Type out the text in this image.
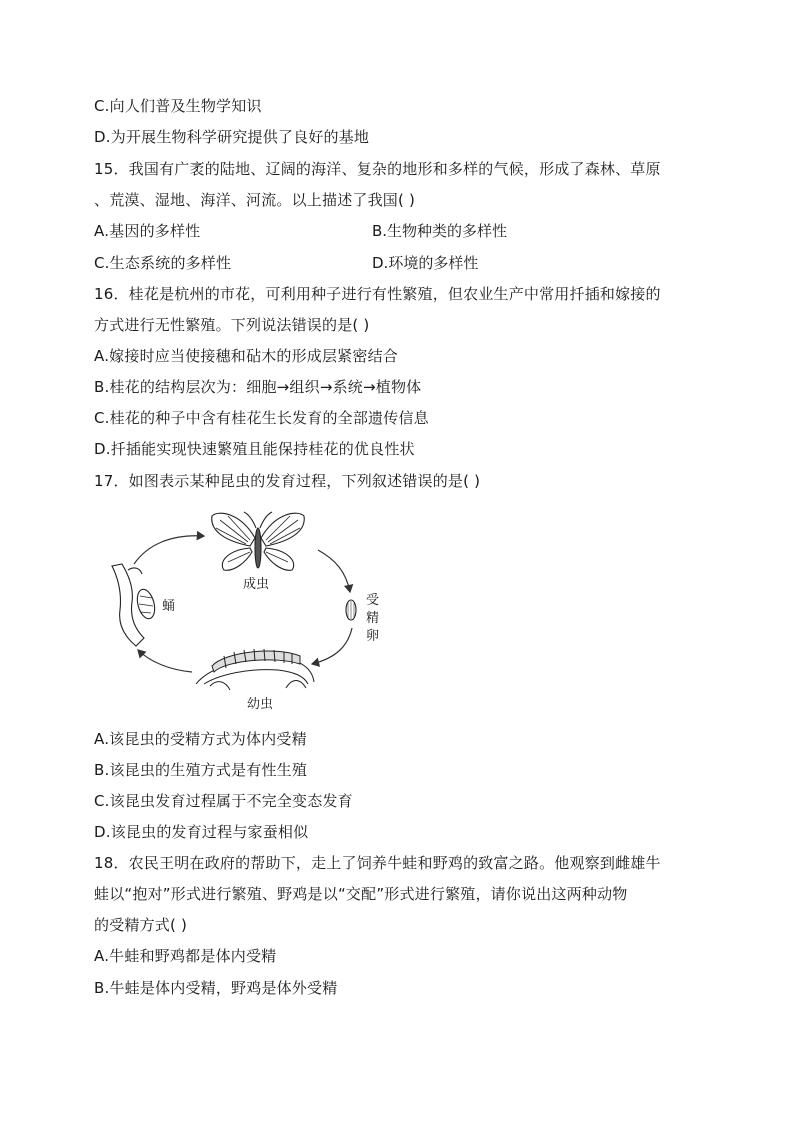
C.向人们普及生物学知识
D.为开展生物科学研究提供了良好的基地
15．我国有广袤的陆地、辽阔的海洋、复杂的地形和多样的气候，形成了森林、草原
、荒漠、湿地、海洋、河流。以上描述了我国( )
A.基因的多样性	B.生物种类的多样性
C.生态系统的多样性	D.环境的多样性
16．桂花是杭州的市花，可利用种子进行有性繁殖，但农业生产中常用扦插和嫁接的
方式进行无性繁殖。下列说法错误的是( )
A.嫁接时应当使接穗和砧木的形成层紧密结合
B.桂花的结构层次为：细胞→组织→系统→植物体
C.桂花的种子中含有桂花生长发育的全部遗传信息
D.扦插能实现快速繁殖且能保持桂花的优良性状
17．如图表示某种昆虫的发育过程，下列叙述错误的是( )
成虫
受
精
卵
幼虫
蛹
A.该昆虫的受精方式为体内受精
B.该昆虫的生殖方式是有性生殖
C.该昆虫发育过程属于不完全变态发育
D.该昆虫的发育过程与家蚕相似
18．农民王明在政府的帮助下，走上了饲养牛蛙和野鸡的致富之路。他观察到雌雄牛
蛙以“抱对”形式进行繁殖、野鸡是以“交配”形式进行繁殖，请你说出这两种动物
的受精方式( )
A.牛蛙和野鸡都是体内受精
B.牛蛙是体内受精，野鸡是体外受精
